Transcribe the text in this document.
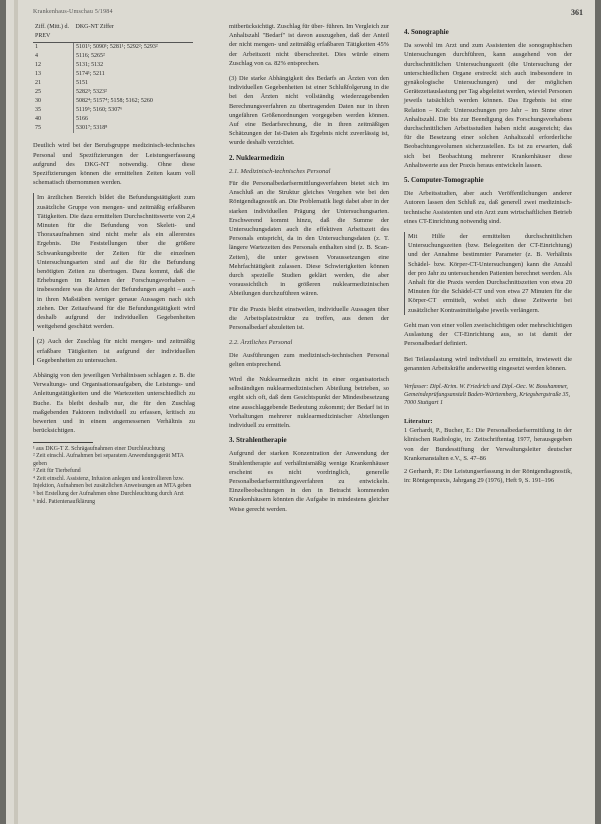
Krankenhaus-Umschau 5/1984	361
Ziff. (Mitt.) d. PREV	DKG-NT Ziffer
1	5101¹; 5090¹; 5281¹; 5292²; 5293²
4	5116; 5265²
12	5131; 5132
13	5174¹; 5211
21	5151
25	5282³; 5323²
30	5082⁴; 5157⁴; 5158; 5162; 5260
35	5119⁵; 5160; 5307⁶
40	5166
75	5301⁷; 5318⁸

Deutlich wird bei der Berufsgruppe medizinisch-technisches Personal und Spezifizierungen der Leistungserfassung aufgrund des DKG-NT notwendig. Ohne diese Spezifizierungen können die ermittelten Zeiten kaum voll schematisch übernommen werden.

Im ärztlichen Bereich bildet die Befundungstätigkeit zum zusätzliche Gruppe von mengen- und zeitmäßig erfaßbaren Tätigkeiten. Die dazu ermittelten Durchschnittswerte von 2,4 Minuten für die Befundung von Skelett- und Thoraxaufnahmen sind nicht mehr als ein allererstes Ergebnis. Die Feststellungen über die größere Schwankungsbreite der Zeiten für die einzelnen Untersuchungsarten sind auf die für die Befundung benötigten Zeiten zu übertragen. Dazu kommt, daß die Erhebungen im Rahmen der Forschungsvorhaben – insbesondere was die Arten der Befundungen angeht – auch in ihren Maßstäben weniger genaue Aussagen nach sich ziehen. Der Zeitaufwand für die Befundungstätigkeit wird deshalb aufgrund der individuellen Gegebenheiten weitgehend geschätzt werden.

(2) Auch der Zuschlag für nicht mengen- und zeitmäßig erfaßbare Tätigkeiten ist aufgrund der individuellen Gegebenheiten zu untersuchen.

Abhängig von den jeweiligen Verhältnissen schlagen z. B. die Verwaltungs- und Organisationsaufgaben, die Leistungs- und Anleitungstätigkeiten und die Wartezeiten unterschiedlich zu Buche. Es bleibt deshalb nur, die für den Zuschlag maßgebenden Faktoren individuell zu erfassen, kritisch zu bewerten und in einem angemessenen Verhältnis zu berücksichtigen.

¹ aus DKG-T Z. Schrägaufnahmen einer Durchleuchtung
² Zeit einschl. Aufnahmen bei separatem Anwendungsgerät MTA geben
³ Zeit für Tierbefund
⁴ Zeit einschl. Assistenz, Infusion anlegen und kontrollieren bzw. Injektion, Aufnahmen bei zusätzlichen Anweisungen an MTA geben
⁵ bei Erstellung der Aufnahmen ohne Durchleuchtung durch Arzt
⁶ inkl. Patientenaufklärung

mitberücksichtigt. Zuschlag für über- führen. Im Vergleich zur Anhaltszahl "Bedarf" ist davon auszugehen, daß der Anteil der nicht mengen- und zeitmäßig erfaßbaren Tätigkeiten 45% der Arbeitszeit nicht überschreitet. Dies würde einem Zuschlag von ca. 82% entsprechen.

(3) Die starke Abhängigkeit des Bedarfs an Ärzten von den individuellen Gegebenheiten ist einer Schlußfolgerung in die bei den Ärzten nicht vollständig wiederzugebenden Berechnungsverfahren zu übertragenden Daten nur in ihren ungefähren Größenordnungen vorgegeben werden können. Auf eine Bedarfsrechnung, die in ihren zeitmäßigen Schätzungen der Ist-Daten als Ergebnis nicht zuverlässig ist, wurde deshalb verzichtet.

2. Nuklearmedizin
2.1. Medizinisch-technisches Personal

Für die Personalbedarfsermittlungsverfahren bietet sich im Anschluß an die Struktur gleiches Vergehen wie bei den Röntgendiagnostik an. Die Problematik liegt dabei aber in der starken individuellen Prägung der Untersuchungsarten. Erschwerend kommt hinzu, daß die Summe der Untersuchungsdaten auch die effektiven Arbeitszeit des Personals entspricht, da in den Untersuchungsdaten (z. T. längere Wartezeiten des Personals enthalten sind (z. B. Scan-Zeiten), die unter gewissen Voraussetzungen eine Mehrfachtätigkeit zulassen. Diese Schwierigkeiten können durch spezielle Studien geklärt werden, die aber voraussichtlich in größeren nuklearmedizinischen Abteilungen durchzuführen wären.

Für die Praxis bleibt einstweilen, individuelle Aussagen über die Arbeitsplatzstruktur zu treffen, aus denen der Personalbedarf abzuleiten ist.

2.2. Ärztliches Personal

Die Ausführungen zum medizinisch-technischen Personal gelten entsprechend.

Wird die Nuklearmedizin nicht in einer organisatorisch selbständigen nuklearmedizinischen Abteilung betrieben, so ergibt sich oft, daß dem Gesichtspunkt der Mindestbesetzung eine ausschlaggebende Bedeutung zukommt; der Bedarf ist in Vorhaltungen mehrerer nuklearmedizinischer Abteilungen individuell zu ermitteln.

3. Strahlentherapie

Aufgrund der starken Konzentration der Anwendung der Strahlentherapie auf verhältnismäßig wenige Krankenhäuser erscheint es nicht vordringlich, generelle Personalbedarfsermittlungsverfahren zu entwickeln. Einzelbeobachtungen in den in Betracht kommenden Krankenhäusern könnten die Aufgabe in mindestens gleicher Weise gerecht werden.

4. Sonographie

Da sowohl im Arzt und zum Assistenten die sonographischen Untersuchungen durchführen, kann ausgehend von der durchschnittlichen Untersuchungszeit (die Untersuchung der unterschiedlichen Organe erstreckt sich auch insbesondere in gynäkologische Untersuchungen) und der möglichen Gerätezeitauslastung per Tag abgeleitet werden, wieviel Personen jeweils tatsächlich werden können. Das Ergebnis ist eine Relation – Kraft: Untersuchungen pro Jahr – im Sinne einer Anhaltszahl. Die bis zur Beendigung des Forschungsvorhabens durchschnittlichen Arbeitsstudien haben nicht ausgereicht; das für die Besetzung einer solchen Anhaltszahl erforderliche Beobachtungsvolumen sicherzustellen. Es ist zu erwarten, daß sich bei Beobachtung mehrerer Krankenhäuser diese Anhaltswerte aus der Praxis heraus entwickeln lassen.

5. Computer-Tomographie

Die Arbeitsstudien, aber auch Veröffentlichungen anderer Autoren lassen den Schluß zu, daß generell zwei medizinisch-technische Assistenten und ein Arzt zum wirtschaftlichen Betrieb eines CT-Einrichtung notwendig sind.

Mit Hilfe der ermittelten durchschnittlichen Untersuchungszeiten (bzw. Belegzeiten der CT-Einrichtung) und der Annahme bestimmter Parameter (z. B. Verhältnis Schädel- bzw. Körper-CT-Untersuchungen) kann die Anzahl der pro Jahr zu untersuchenden Patienten berechnet werden. Als Anhalt für die Praxis werden Durchschnittszeiten von etwa 20 Minuten für die Schädel-CT und von etwa 27 Minuten für die Körper-CT ermittelt, wobei sich diese Zeitwerte bei zusätzlicher Kontrastmittelgabe jeweils verlängern.

Geht man von einer vollen zweischichtigen oder mehrschichtigen Auslastung der CT-Einrichtung aus, so ist damit der Personalbedarf definiert.

Bei Teilauslastung wird individuell zu ermitteln, inwieweit die genannten Arbeitskräfte anderweitig eingesetzt werden können.

Verfasser: Dipl.-Krim. W. Friedrich und Dipl.-Oec. W. Bosshammer, Gemeindeprüfungsanstalt Baden-Württemberg, Kriegsbergstraße 35, 7000 Stuttgart 1
Literatur:

1 Gerhardt, P., Bucher, E.: Die Personalbedarfsermittlung in der klinischen Radiologie, in: Zeitschriftentag 1977, herausgegeben von der Bundesstiftung der Verwaltungsleiter deutscher Krankenanstalten e.V., S. 47–86

2 Gerhardt, P.: Die Leistungserfassung in der Röntgendiagnostik, in: Röntgenpraxis, Jahrgang 29 (1976), Heft 9, S. 191–196
